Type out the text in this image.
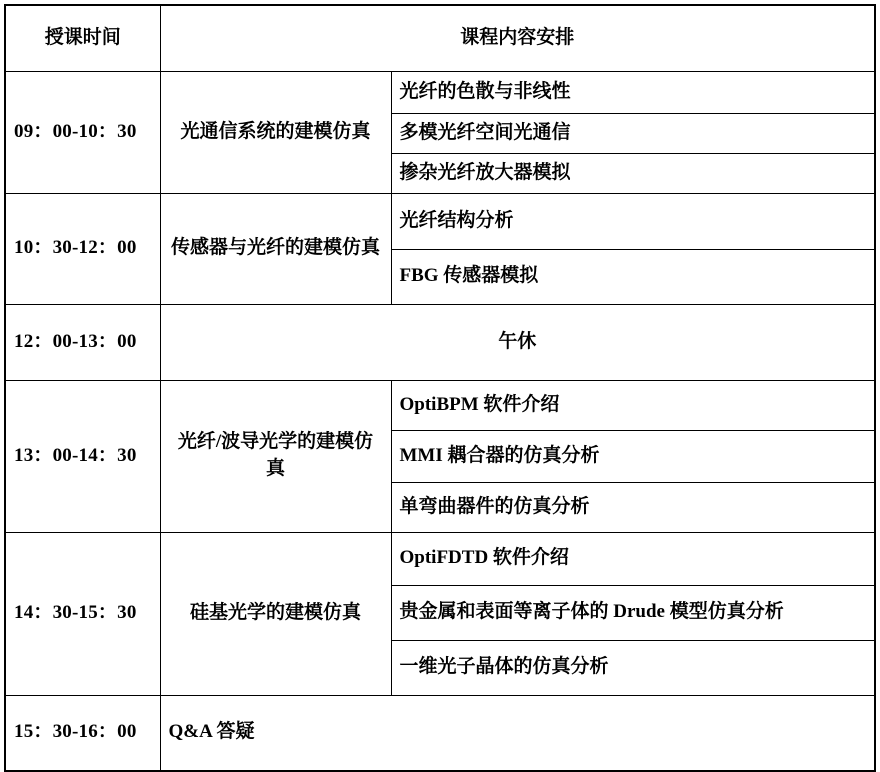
授课时间	课程内容安排	
09：00-10：30	光通信系统的建模仿真	光纤的色散与非线性
		多模光纤空间光通信
		掺杂光纤放大器模拟
10：30-12：00	传感器与光纤的建模仿真	光纤结构分析
		FBG 传感器模拟
12：00-13：00	午休	
13：00-14：30	光纤/波导光学的建模仿真	OptiBPM 软件介绍
		MMI 耦合器的仿真分析
		单弯曲器件的仿真分析
14：30-15：30	硅基光学的建模仿真	OptiFDTD 软件介绍
		贵金属和表面等离子体的 Drude 模型仿真分析
		一维光子晶体的仿真分析
15：30-16：00	Q&A 答疑	
